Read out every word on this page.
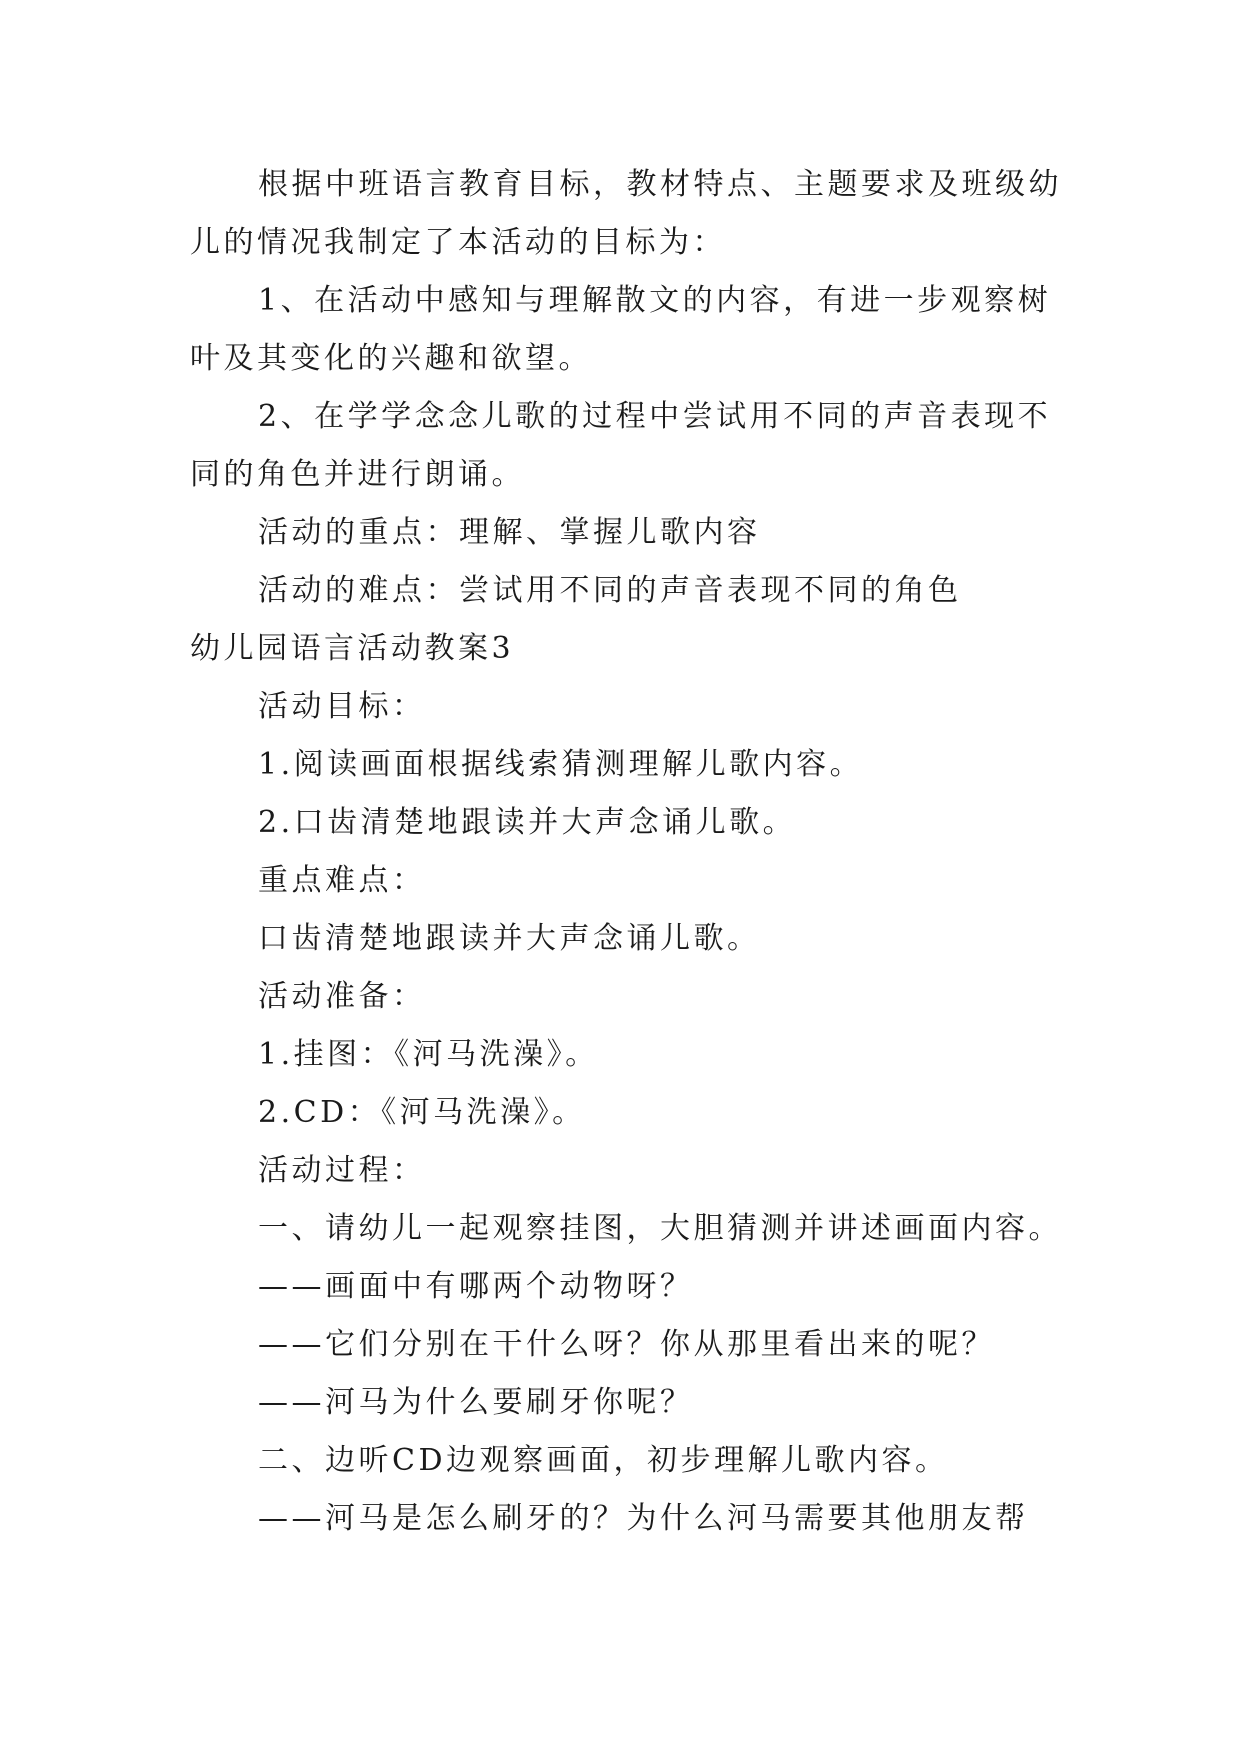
根据中班语言教育目标，教材特点、主题要求及班级幼
儿的情况我制定了本活动的目标为：
1、在活动中感知与理解散文的内容，有进一步观察树
叶及其变化的兴趣和欲望。
2、在学学念念儿歌的过程中尝试用不同的声音表现不
同的角色并进行朗诵。
活动的重点：理解、掌握儿歌内容
活动的难点：尝试用不同的声音表现不同的角色
幼儿园语言活动教案3
活动目标：
1.阅读画面根据线索猜测理解儿歌内容。
2.口齿清楚地跟读并大声念诵儿歌。
重点难点：
口齿清楚地跟读并大声念诵儿歌。
活动准备：
1.挂图：《河马洗澡》。
2.CD：《河马洗澡》。
活动过程：
一、请幼儿一起观察挂图，大胆猜测并讲述画面内容。
——画面中有哪两个动物呀？
——它们分别在干什么呀？你从那里看出来的呢？
——河马为什么要刷牙你呢？
二、边听CD边观察画面，初步理解儿歌内容。
——河马是怎么刷牙的？为什么河马需要其他朋友帮
